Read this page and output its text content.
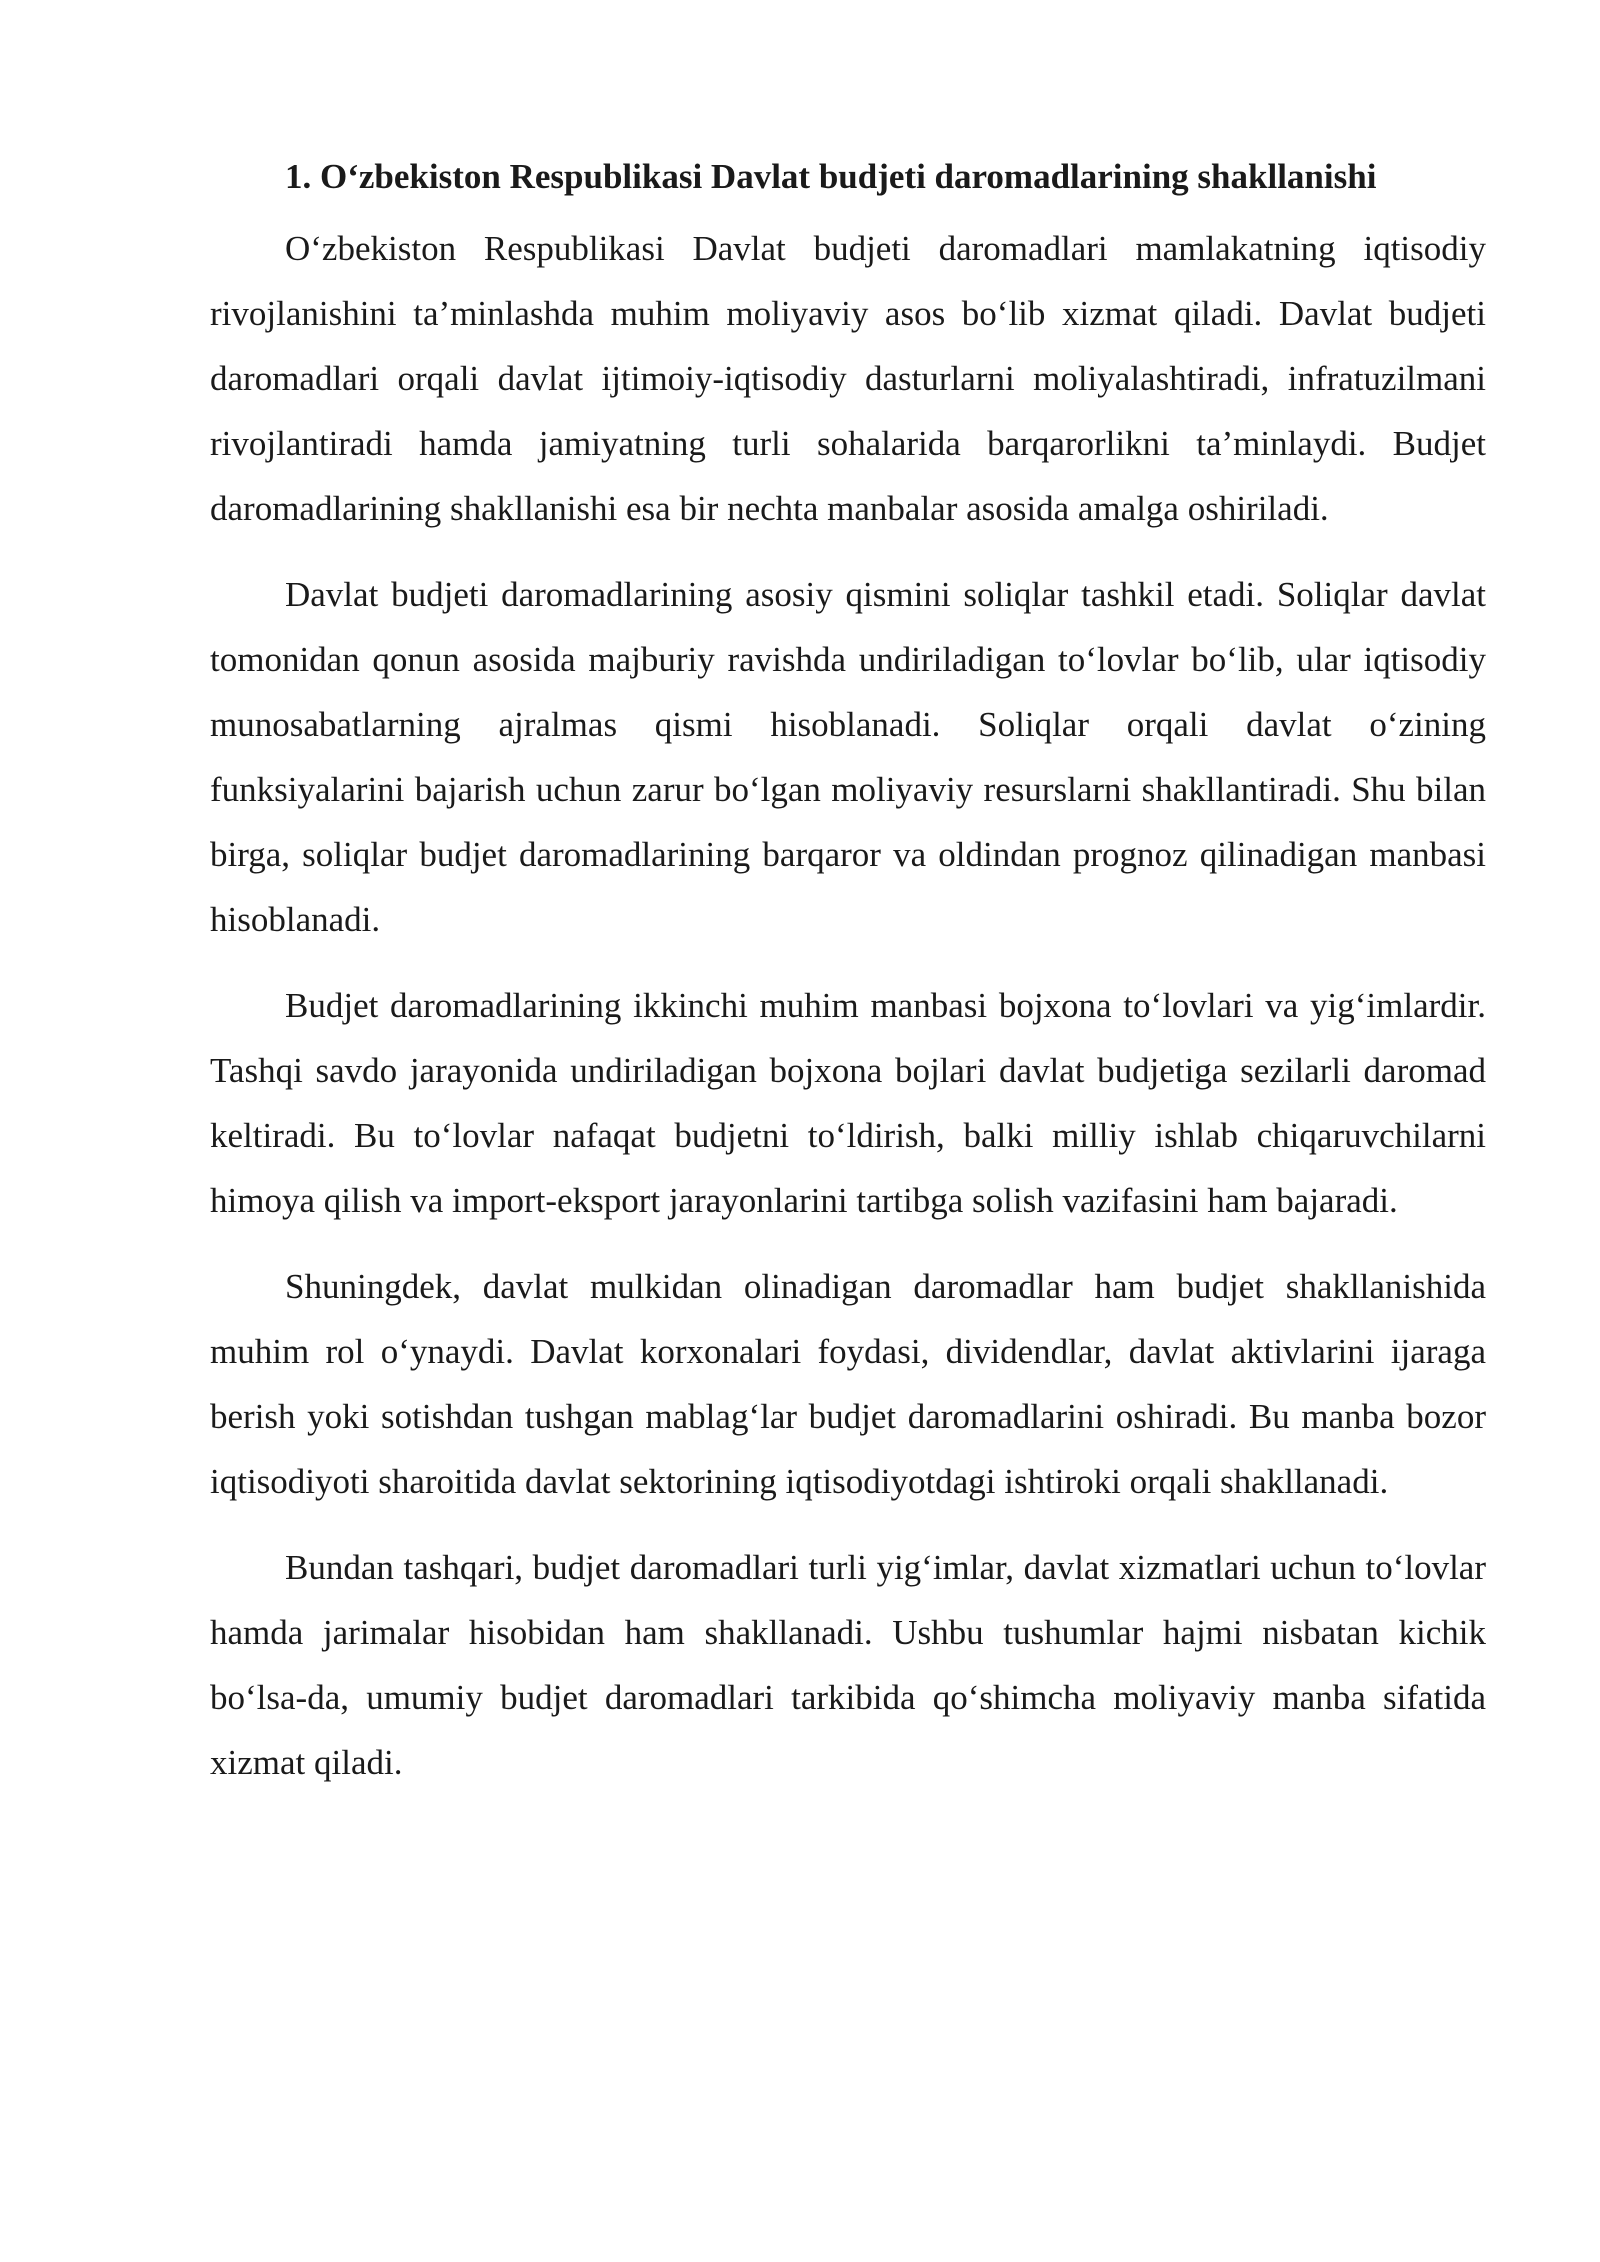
1. O‘zbekiston Respublikasi Davlat budjeti daromadlarining shakllanishi

O‘zbekiston Respublikasi Davlat budjeti daromadlari mamlakatning iqtisodiy rivojlanishini ta’minlashda muhim moliyaviy asos bo‘lib xizmat qiladi. Davlat budjeti daromadlari orqali davlat ijtimoiy-iqtisodiy dasturlarni moliyalashtiradi, infratuzilmani rivojlantiradi hamda jamiyatning turli sohalarida barqarorlikni ta’minlaydi. Budjet daromadlarining shakllanishi esa bir nechta manbalar asosida amalga oshiriladi.

Davlat budjeti daromadlarining asosiy qismini soliqlar tashkil etadi. Soliqlar davlat tomonidan qonun asosida majburiy ravishda undiriladigan to‘lovlar bo‘lib, ular iqtisodiy munosabatlarning ajralmas qismi hisoblanadi. Soliqlar orqali davlat o‘zining funksiyalarini bajarish uchun zarur bo‘lgan moliyaviy resurslarni shakllantiradi. Shu bilan birga, soliqlar budjet daromadlarining barqaror va oldindan prognoz qilinadigan manbasi hisoblanadi.

Budjet daromadlarining ikkinchi muhim manbasi bojxona to‘lovlari va yig‘imlardir. Tashqi savdo jarayonida undiriladigan bojxona bojlari davlat budjetiga sezilarli daromad keltiradi. Bu to‘lovlar nafaqat budjetni to‘ldirish, balki milliy ishlab chiqaruvchilarni himoya qilish va import-eksport jarayonlarini tartibga solish vazifasini ham bajaradi.

Shuningdek, davlat mulkidan olinadigan daromadlar ham budjet shakllanishida muhim rol o‘ynaydi. Davlat korxonalari foydasi, dividendlar, davlat aktivlarini ijaraga berish yoki sotishdan tushgan mablag‘lar budjet daromadlarini oshiradi. Bu manba bozor iqtisodiyoti sharoitida davlat sektorining iqtisodiyotdagi ishtiroki orqali shakllanadi.

Bundan tashqari, budjet daromadlari turli yig‘imlar, davlat xizmatlari uchun to‘lovlar hamda jarimalar hisobidan ham shakllanadi. Ushbu tushumlar hajmi nisbatan kichik bo‘lsa-da, umumiy budjet daromadlari tarkibida qo‘shimcha moliyaviy manba sifatida xizmat qiladi.
